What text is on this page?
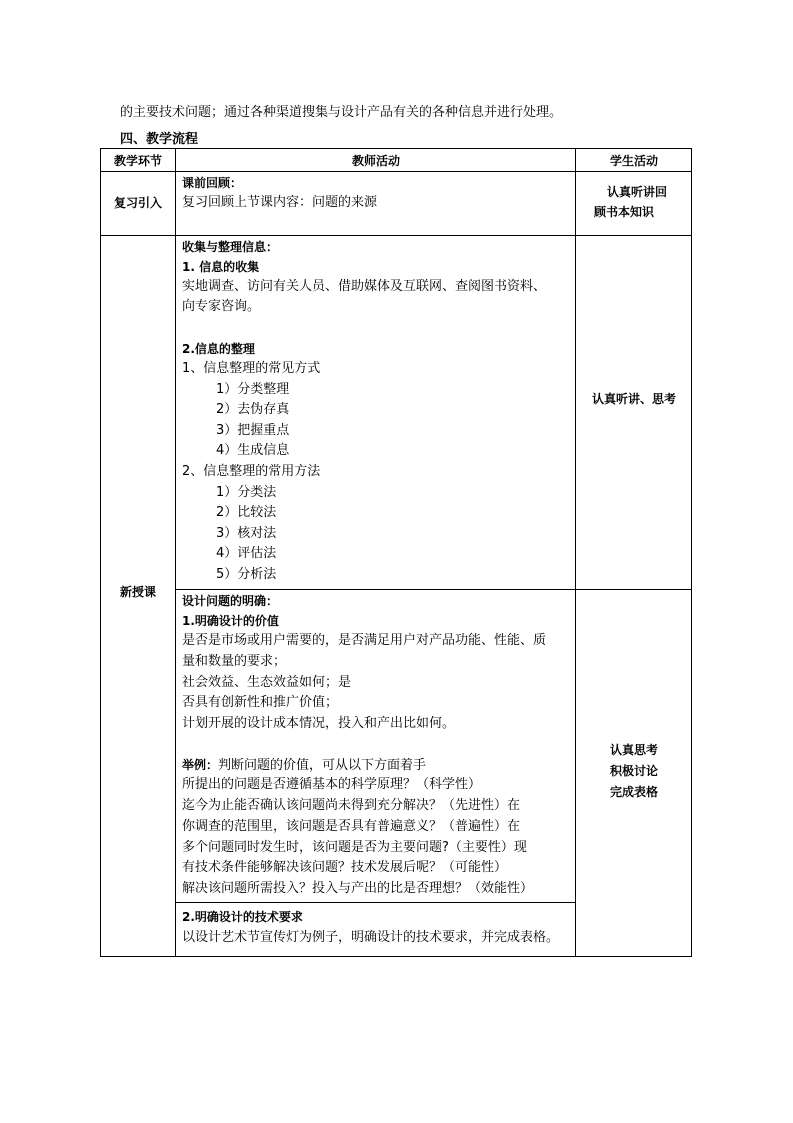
的主要技术问题；通过各种渠道搜集与设计产品有关的各种信息并进行处理。
四、教学流程
教学环节	教师活动	学生活动
复习引入
课前回顾：
复习回顾上节课内容：问题的来源
认真听讲回
顾书本知识
新授课
收集与整理信息：
1. 信息的收集
实地调查、访问有关人员、借助媒体及互联网、查阅图书资料、
向专家咨询。
2.信息的整理
1、信息整理的常见方式
1）分类整理
2）去伪存真
3）把握重点
4）生成信息
2、信息整理的常用方法
1）分类法
2）比较法
3）核对法
4）评估法
5）分析法
认真听讲、思考
设计问题的明确：
1.明确设计的价值
是否是市场或用户需要的，是否满足用户对产品功能、性能、质
量和数量的要求；
社会效益、生态效益如何；是
否具有创新性和推广价值；
计划开展的设计成本情况，投入和产出比如何。
举例：判断问题的价值，可从以下方面着手
所提出的问题是否遵循基本的科学原理？（科学性）
迄今为止能否确认该问题尚未得到充分解决？（先进性）在
你调查的范围里，该问题是否具有普遍意义？（普遍性）在
多个问题同时发生时，该问题是否为主要问题?（主要性）现
有技术条件能够解决该问题？技术发展后呢？（可能性）
解决该问题所需投入？投入与产出的比是否理想？（效能性）
认真思考
积极讨论
完成表格
2.明确设计的技术要求
以设计艺术节宣传灯为例子，明确设计的技术要求，并完成表格。
